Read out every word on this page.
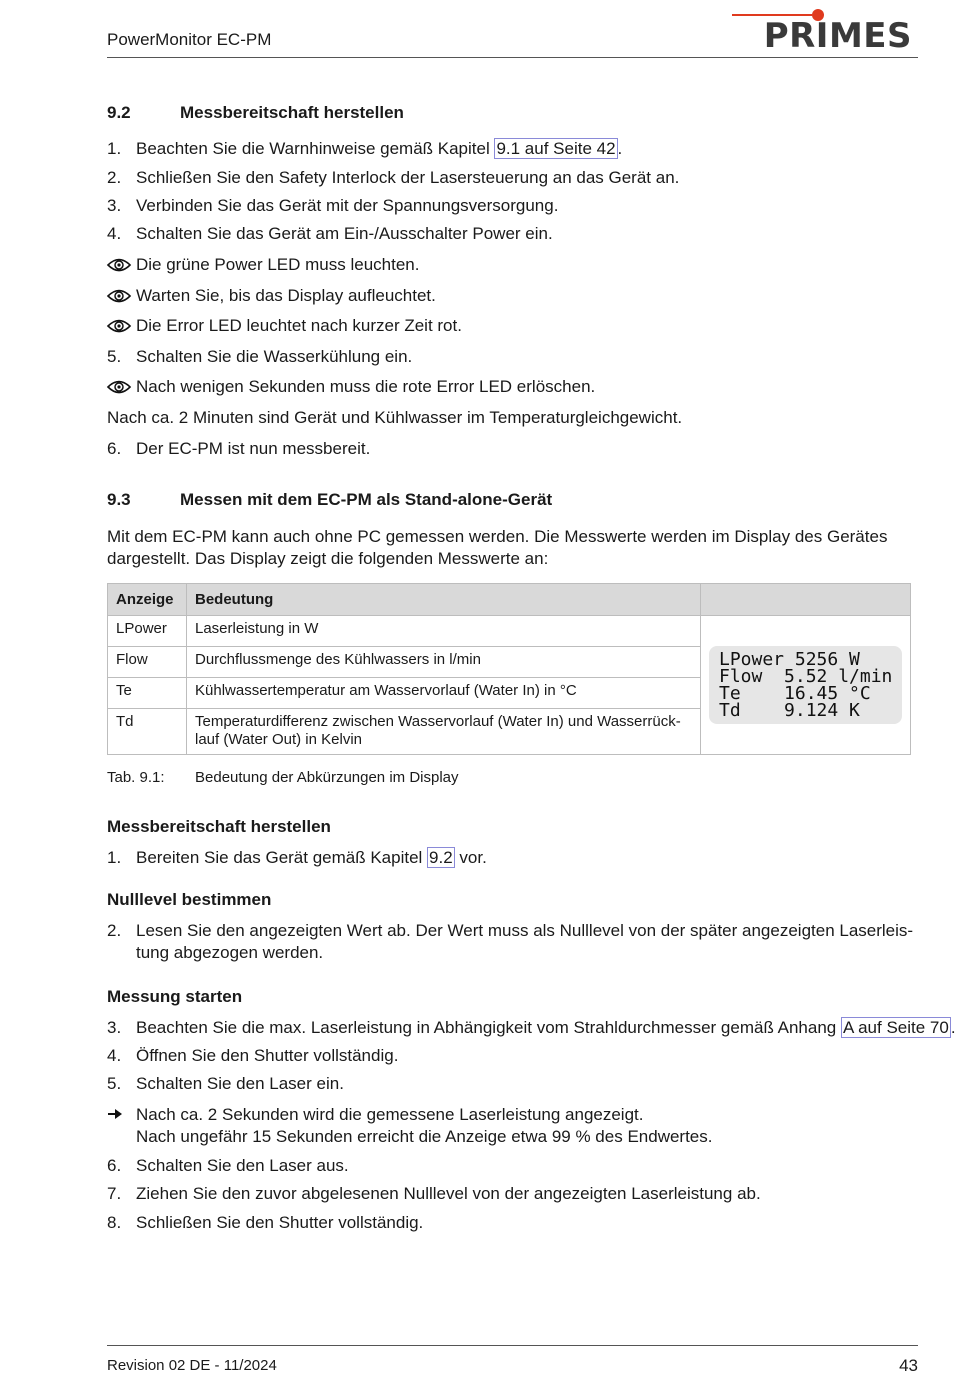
PowerMonitor EC-PM	PRIMES
9.2	Messbereitschaft herstellen
1. Beachten Sie die Warnhinweise gemäß Kapitel 9.1 auf Seite 42 .
2. Schließen Sie den Safety Interlock der Lasersteuerung an das Gerät an.
3. Verbinden Sie das Gerät mit der Spannungsversorgung.
4. Schalten Sie das Gerät am Ein-/Ausschalter Power ein.
Die grüne Power LED muss leuchten.
Warten Sie, bis das Display aufleuchtet.
Die Error LED leuchtet nach kurzer Zeit rot.
5. Schalten Sie die Wasserkühlung ein.
Nach wenigen Sekunden muss die rote Error LED erlöschen.
Nach ca. 2 Minuten sind Gerät und Kühlwasser im Temperaturgleichgewicht.
6. Der EC-PM ist nun messbereit.
9.3	Messen mit dem EC-PM als Stand-alone-Gerät
Mit dem EC-PM kann auch ohne PC gemessen werden. Die Messwerte werden im Display des Gerätes
dargestellt. Das Display zeigt die folgenden Messwerte an:
Anzeige	Bedeutung	
LPower	Laserleistung in W	LPower 5256 W
Flow  5.52 l/min
Te    16.45 °C
Td    9.124 K

Flow	Durchflussmenge des Kühlwassers in l/min	
Te	Kühlwassertemperatur am Wasservorlauf (Water In) in °C	
Td	Temperaturdifferenz zwischen Wasservorlauf (Water In) und Wasserrück-
lauf (Water Out) in Kelvin	
Tab. 9.1: Bedeutung der Abkürzungen im Display
Messbereitschaft herstellen
1. Bereiten Sie das Gerät gemäß Kapitel 9.2 vor.
Nulllevel bestimmen
2. Lesen Sie den angezeigten Wert ab. Der Wert muss als Nulllevel von der später angezeigten Laserleis-
tung abgezogen werden.
Messung starten
3. Beachten Sie die max. Laserleistung in Abhängigkeit vom Strahldurchmesser gemäß Anhang A auf Seite 70 .
4. Öffnen Sie den Shutter vollständig.
5. Schalten Sie den Laser ein.
Nach ca. 2 Sekunden wird die gemessene Laserleistung angezeigt.
Nach ungefähr 15 Sekunden erreicht die Anzeige etwa 99 % des Endwertes.
6. Schalten Sie den Laser aus.
7. Ziehen Sie den zuvor abgelesenen Nulllevel von der angezeigten Laserleistung ab.
8. Schließen Sie den Shutter vollständig.
Revision 02 DE - 11/2024	43
